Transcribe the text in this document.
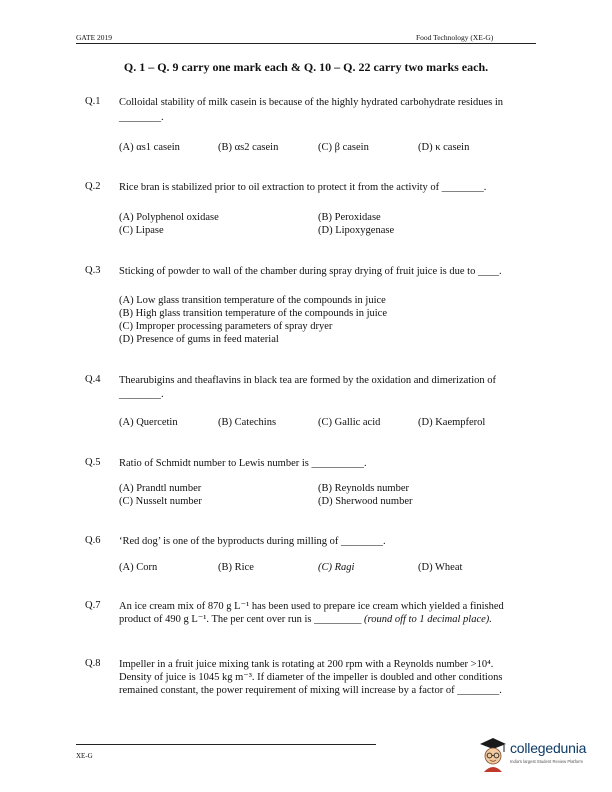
GATE 2019	Food Technology (XE-G)
Q. 1 – Q. 9 carry one mark each & Q. 10 – Q. 22 carry two marks each.
Q.1 Colloidal stability of milk casein is because of the highly hydrated carbohydrate residues in
________.
(A) αs1 casein	(B) αs2 casein	(C) β casein	(D) κ casein
Q.2 Rice bran is stabilized prior to oil extraction to protect it from the activity of ________.
(A) Polyphenol oxidase	(B) Peroxidase
(C) Lipase	(D) Lipoxygenase
Q.3 Sticking of powder to wall of the chamber during spray drying of fruit juice is due to ____.
(A) Low glass transition temperature of the compounds in juice
(B) High glass transition temperature of the compounds in juice
(C) Improper processing parameters of spray dryer
(D) Presence of gums in feed material
Q.4 Thearubigins and theaflavins in black tea are formed by the oxidation and dimerization of
________.
(A) Quercetin	(B) Catechins	(C) Gallic acid	(D) Kaempferol
Q.5 Ratio of Schmidt number to Lewis number is __________.
(A) Prandtl number	(B) Reynolds number
(C) Nusselt number	(D) Sherwood number
Q.6 ‘Red dog’ is one of the byproducts during milling of ________.
(A) Corn	(B) Rice	(C) Ragi	(D) Wheat
Q.7 An ice cream mix of 870 g L⁻¹ has been used to prepare ice cream which yielded a finished
product of 490 g L⁻¹. The per cent over run is _________ (round off to 1 decimal place).
Q.8 Impeller in a fruit juice mixing tank is rotating at 200 rpm with a Reynolds number >10⁴.
Density of juice is 1045 kg m⁻³. If diameter of the impeller is doubled and other conditions
remained constant, the power requirement of mixing will increase by a factor of ________.
XE-G	collegedunia
India's largest Student Review Platform
